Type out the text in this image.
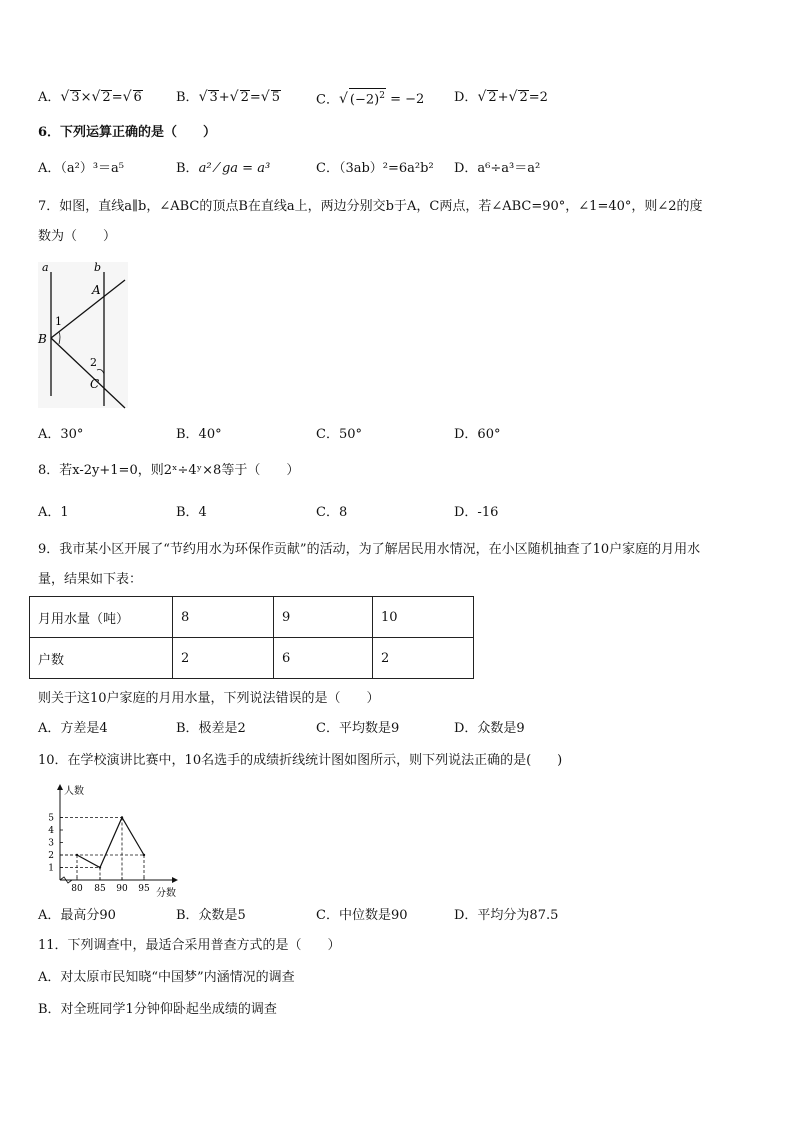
A．√ 3×√ 2=√ 6	B．√ 3+√ 2=√ 5	C．√ $(-2)^2 = -2$ D．√ 2+√ 2=2
6．下列运算正确的是（　　）
A．（a²）³＝a⁵	B．a² ⁄ ga = a³	C．（3ab）²=6a²b² D．a⁶÷a³＝a²
7．如图，直线a∥b，∠ABC的顶点B在直线a上，两边分别交b于A，C两点，若∠ABC=90°，∠1=40°，则∠2的度
数为（　　）
a	b
A
B
C
1
2
A．30°	B．40°	C．50°	D．60°
8．若x-2y+1=0，则2ˣ÷4ʸ×8等于（　　）
A．1	B．4	C．8	D．-16
9．我市某小区开展了“节约用水为环保作贡献”的活动，为了解居民用水情况，在小区随机抽查了10户家庭的月用水
量，结果如下表：
月用水量（吨）	8	9	10
户数	2	6	2
则关于这10户家庭的月用水量，下列说法错误的是（　　）
A．方差是4	B．极差是2	C．平均数是9	D．众数是9
10．在学校演讲比赛中，10名选手的成绩折线统计图如图所示，则下列说法正确的是(　　)
1
2
3
4
5
80 85 90 95
人数
分数
A．最高分90	B．众数是5	C．中位数是90	D．平均分为87.5
11．下列调查中，最适合采用普查方式的是（　　）
A．对太原市民知晓“中国梦”内涵情况的调查
B．对全班同学1分钟仰卧起坐成绩的调查
